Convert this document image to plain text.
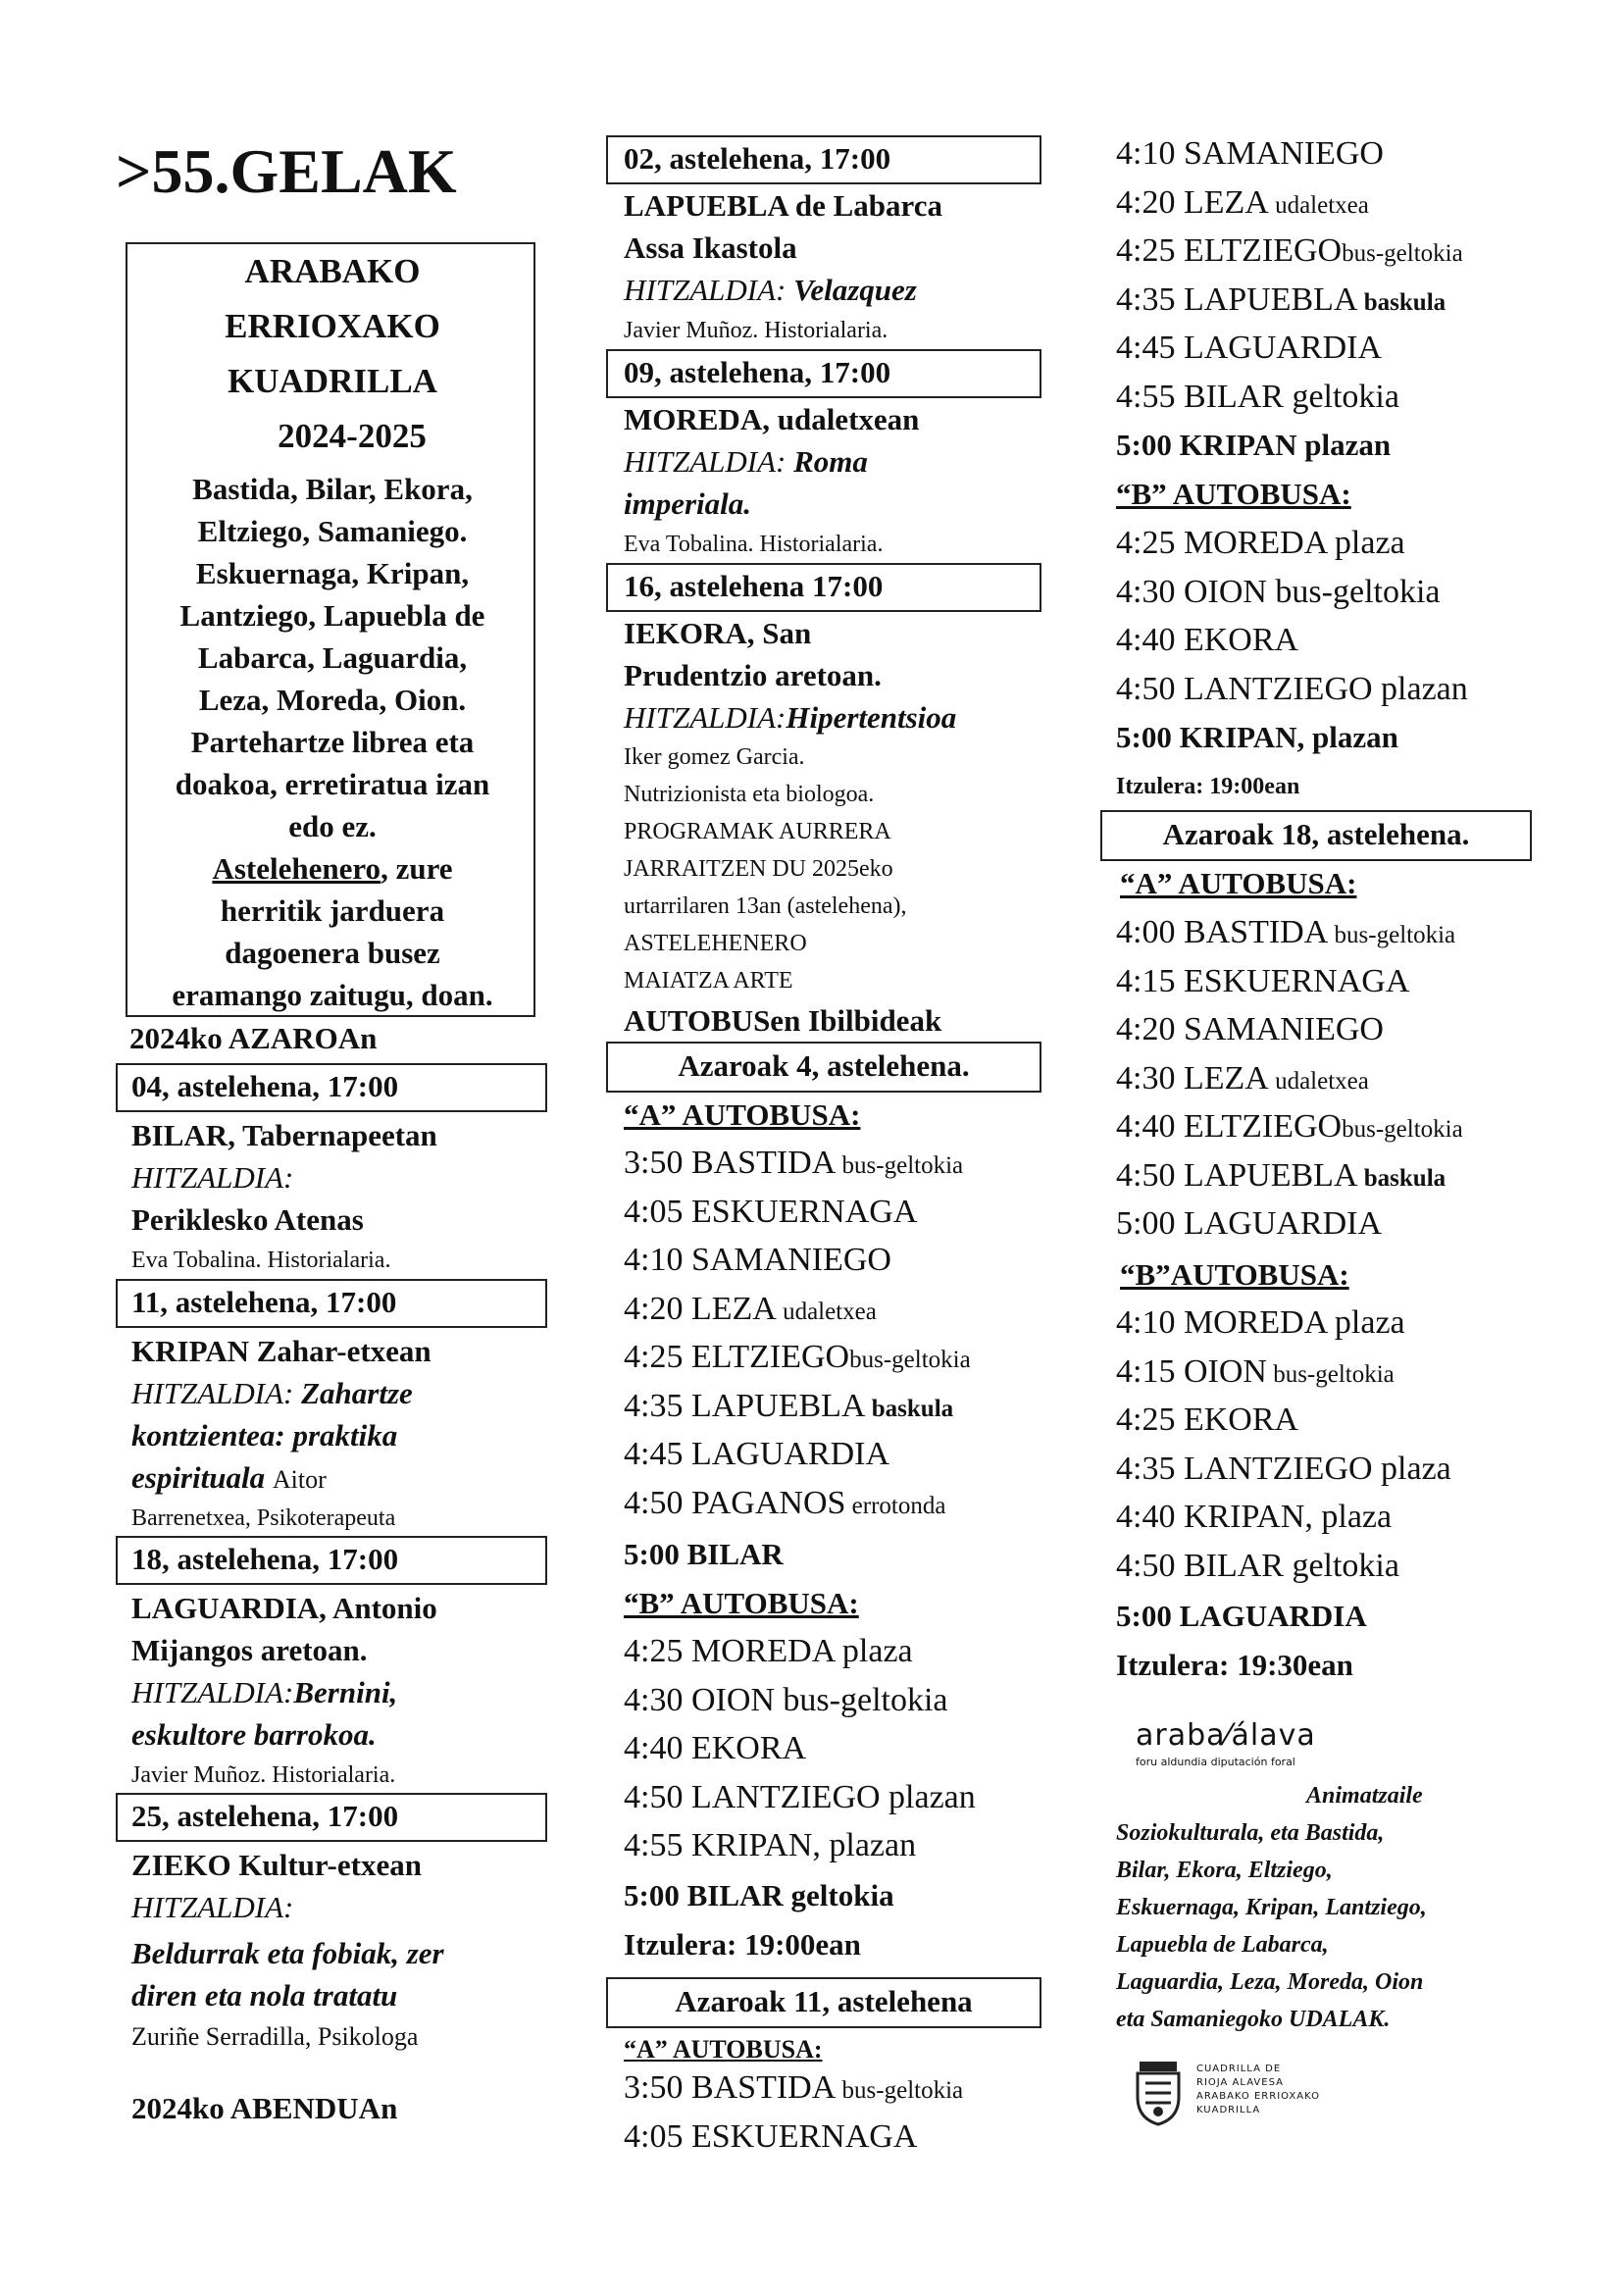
>55.GELAK
ARABAKO
ERRIOXAKO
KUADRILLA
2024-2025
Bastida, Bilar, Ekora,
Eltziego, Samaniego.
Eskuernaga, Kripan,
Lantziego, Lapuebla de
Labarca, Laguardia,
Leza, Moreda, Oion.
Partehartze librea eta
doakoa, erretiratua izan
edo ez.
Astelehenero, zure
herritik jarduera
dagoenera busez
eramango zaitugu, doan.
2024ko AZAROAn
04, astelehena, 17:00
BILAR, Tabernapeetan
HITZALDIA:
Periklesko Atenas
Eva Tobalina. Historialaria.
11, astelehena, 17:00
KRIPAN Zahar-etxean
HITZALDIA: Zahartze
kontzientea: praktika
espirituala Aitor
Barrenetxea, Psikoterapeuta
18, astelehena, 17:00
LAGUARDIA, Antonio
Mijangos aretoan.
HITZALDIA:Bernini,
eskultore barrokoa.
Javier Muñoz. Historialaria.
25, astelehena, 17:00
ZIEKO Kultur-etxean
HITZALDIA:
Beldurrak eta fobiak, zer
diren eta nola tratatu
Zuriñe Serradilla, Psikologa
2024ko ABENDUAn
02, astelehena, 17:00
LAPUEBLA de Labarca
Assa Ikastola
HITZALDIA: Velazquez
Javier Muñoz. Historialaria.
09, astelehena, 17:00
MOREDA, udaletxean
HITZALDIA: Roma
imperiala.
Eva Tobalina. Historialaria.
16, astelehena 17:00
IEKORA, San
Prudentzio aretoan.
HITZALDIA:Hipertentsioa
Iker gomez Garcia.
Nutrizionista eta biologoa.
PROGRAMAK AURRERA
JARRAITZEN DU 2025eko
urtarrilaren 13an (astelehena),
ASTELEHENERO
MAIATZA ARTE
AUTOBUSen Ibilbideak
Azaroak 4, astelehena.
“A” AUTOBUSA:
3:50 BASTIDA bus-geltokia
4:05 ESKUERNAGA
4:10 SAMANIEGO
4:20 LEZA udaletxea
4:25 ELTZIEGObus-geltokia
4:35 LAPUEBLA baskula
4:45 LAGUARDIA
4:50 PAGANOS errotonda
5:00 BILAR
“B” AUTOBUSA:
4:25 MOREDA plaza
4:30 OION bus-geltokia
4:40 EKORA
4:50 LANTZIEGO plazan
4:55 KRIPAN, plazan
5:00 BILAR geltokia
Itzulera: 19:00ean
Azaroak 11, astelehena
“A” AUTOBUSA:
3:50 BASTIDA bus-geltokia
4:05 ESKUERNAGA
4:10 SAMANIEGO
4:20 LEZA udaletxea
4:25 ELTZIEGObus-geltokia
4:35 LAPUEBLA baskula
4:45 LAGUARDIA
4:55 BILAR geltokia
5:00 KRIPAN plazan
“B” AUTOBUSA:
4:25 MOREDA plaza
4:30 OION bus-geltokia
4:40 EKORA
4:50 LANTZIEGO plazan
5:00 KRIPAN, plazan
Itzulera: 19:00ean
Azaroak 18, astelehena.
“A” AUTOBUSA:
4:00 BASTIDA bus-geltokia
4:15 ESKUERNAGA
4:20 SAMANIEGO
4:30 LEZA udaletxea
4:40 ELTZIEGObus-geltokia
4:50 LAPUEBLA baskula
5:00 LAGUARDIA
“B”AUTOBUSA:
4:10 MOREDA plaza
4:15 OION bus-geltokia
4:25 EKORA
4:35 LANTZIEGO plaza
4:40 KRIPAN, plaza
4:50 BILAR geltokia
5:00 LAGUARDIA
Itzulera: 19:30ean
araba⁄álava
foru aldundia diputación foral
Animatzaile
Soziokulturala, eta Bastida,
Bilar, Ekora, Eltziego,
Eskuernaga, Kripan, Lantziego,
Lapuebla de Labarca,
Laguardia, Leza, Moreda, Oion
eta Samaniegoko UDALAK.
CUADRILLA DE
RIOJA ALAVESA
ARABAKO ERRIOXAKO
KUADRILLA
